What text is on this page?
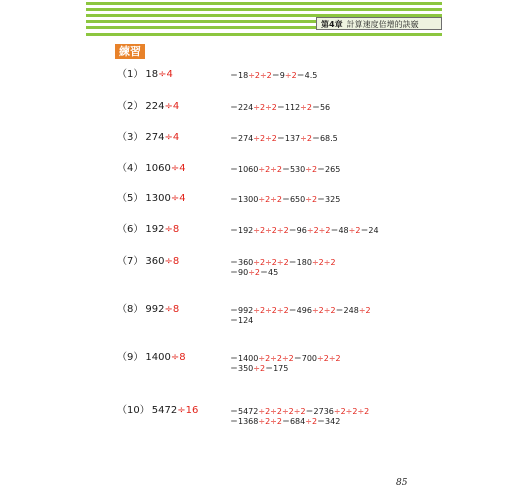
第4章 計算速度倍增的訣竅
練習
（1） 18÷4	＝18÷2÷2＝9÷2＝4.5
（2） 224÷4	＝224÷2÷2＝112÷2＝56
（3） 274÷4	＝274÷2÷2＝137÷2＝68.5
（4） 1060÷4	＝1060÷2÷2＝530÷2＝265
（5） 1300÷4	＝1300÷2÷2＝650÷2＝325
（6） 192÷8	＝192÷2÷2÷2＝96÷2÷2＝48÷2＝24
（7） 360÷8	＝360÷2÷2÷2＝180÷2÷2
＝90÷2＝45
（8） 992÷8	＝992÷2÷2÷2＝496÷2÷2＝248÷2
＝124
（9） 1400÷8	＝1400÷2÷2÷2＝700÷2÷2
＝350÷2＝175
（10） 5472÷16	＝5472÷2÷2÷2÷2＝2736÷2÷2÷2
＝1368÷2÷2＝684÷2＝342
85
